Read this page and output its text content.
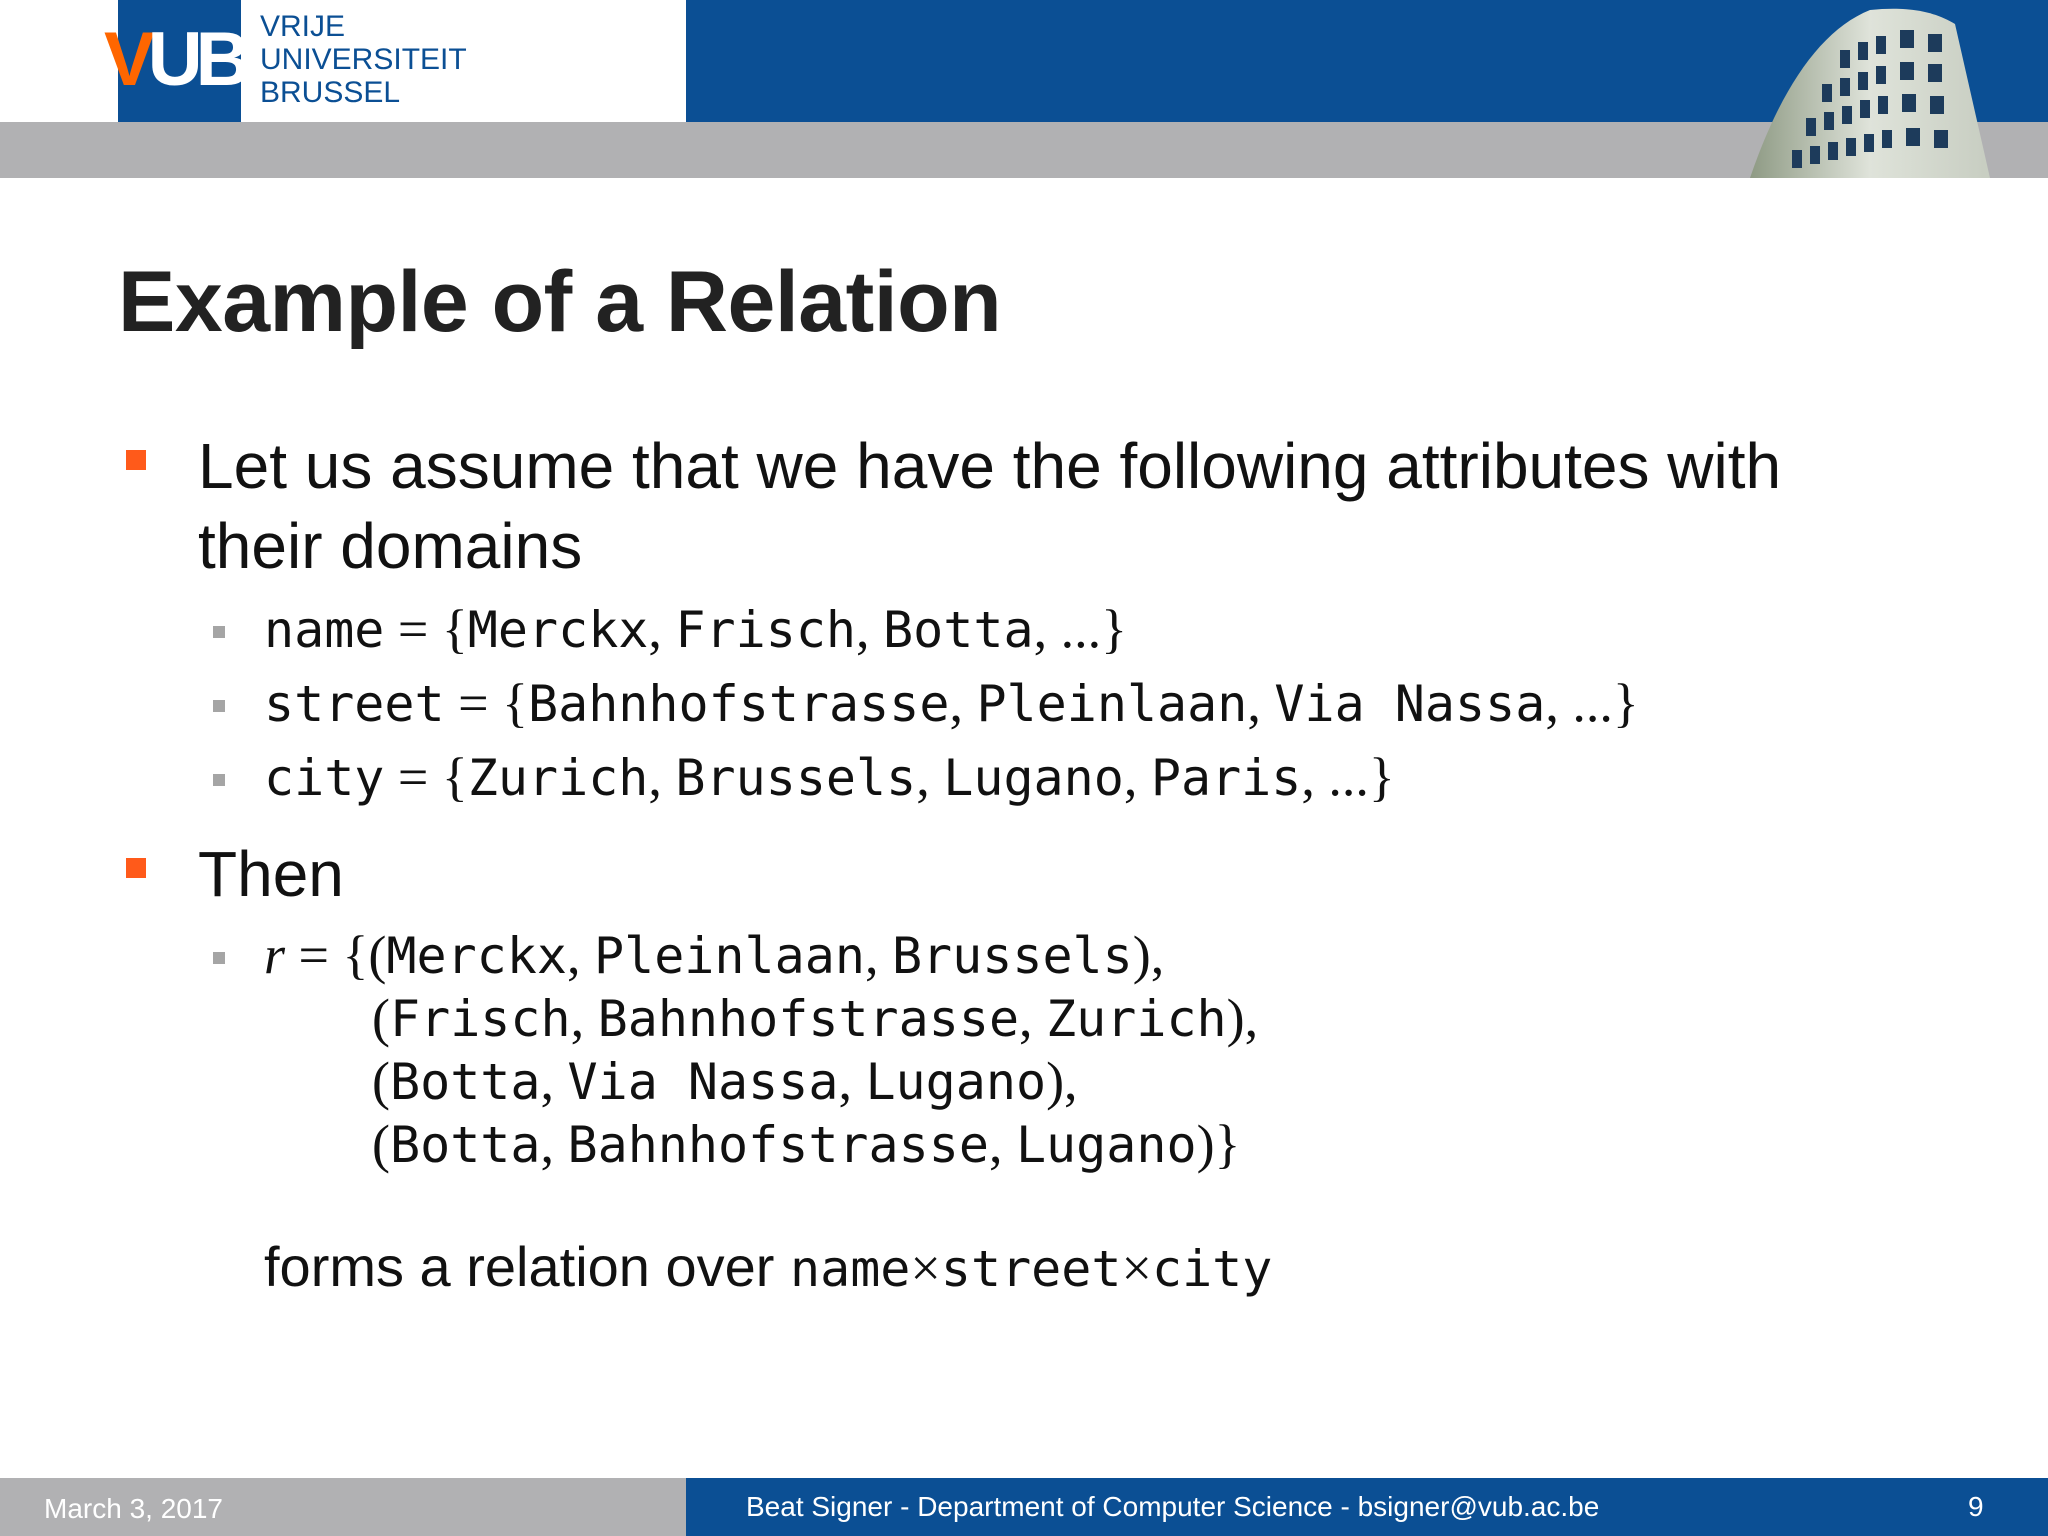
VUB VRIJE
UNIVERSITEIT
BRUSSEL
Example of a Relation
Let us assume that we have the following attributes with
their domains
name = {Merckx, Frisch, Botta, ...}
street = {Bahnhofstrasse, Pleinlaan, Via Nassa, ...}
city = {Zurich, Brussels, Lugano, Paris, ...}
Then
r = {(Merckx, Pleinlaan, Brussels),
(Frisch, Bahnhofstrasse, Zurich),
(Botta, Via Nassa, Lugano),
(Botta, Bahnhofstrasse, Lugano)}
forms a relation over name×street×city
March 3, 2017	Beat Signer - Department of Computer Science - bsigner@vub.ac.be	9
